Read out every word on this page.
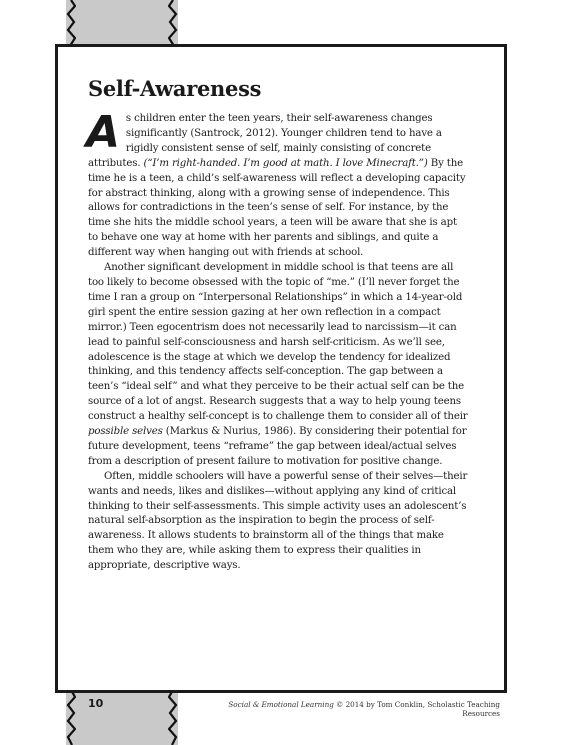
Self-Awareness

As children enter the teen years, their self-awareness changes significantly (Santrock, 2012). Younger children tend to have a rigidly consistent sense of self, mainly consisting of concrete attributes. (“I’m right-handed. I’m good at math. I love Minecraft.”) By the time he is a teen, a child’s self-awareness will reflect a developing capacity for abstract thinking, along with a growing sense of independence. This allows for contradictions in the teen’s sense of self. For instance, by the time she hits the middle school years, a teen will be aware that she is apt to behave one way at home with her parents and siblings, and quite a different way when hanging out with friends at school.

Another significant development in middle school is that teens are all too likely to become obsessed with the topic of “me.” (I’ll never forget the time I ran a group on “Interpersonal Relationships” in which a 14-year-old girl spent the entire session gazing at her own reflection in a compact mirror.) Teen egocentrism does not necessarily lead to narcissism—it can lead to painful self-consciousness and harsh self-criticism. As we’ll see, adolescence is the stage at which we develop the tendency for idealized thinking, and this tendency affects self-conception. The gap between a teen’s “ideal self” and what they perceive to be their actual self can be the source of a lot of angst. Research suggests that a way to help young teens construct a healthy self-concept is to challenge them to consider all of their possible selves (Markus & Nurius, 1986). By considering their potential for future development, teens “reframe” the gap between ideal/actual selves from a description of present failure to motivation for positive change.

Often, middle schoolers will have a powerful sense of their selves—their wants and needs, likes and dislikes—without applying any kind of critical thinking to their self-assessments. This simple activity uses an adolescent’s natural self-absorption as the inspiration to begin the process of self-awareness. It allows students to brainstorm all of the things that make them who they are, while asking them to express their qualities in appropriate, descriptive ways.

10	Social & Emotional Learning © 2014 by Tom Conklin, Scholastic Teaching Resources
